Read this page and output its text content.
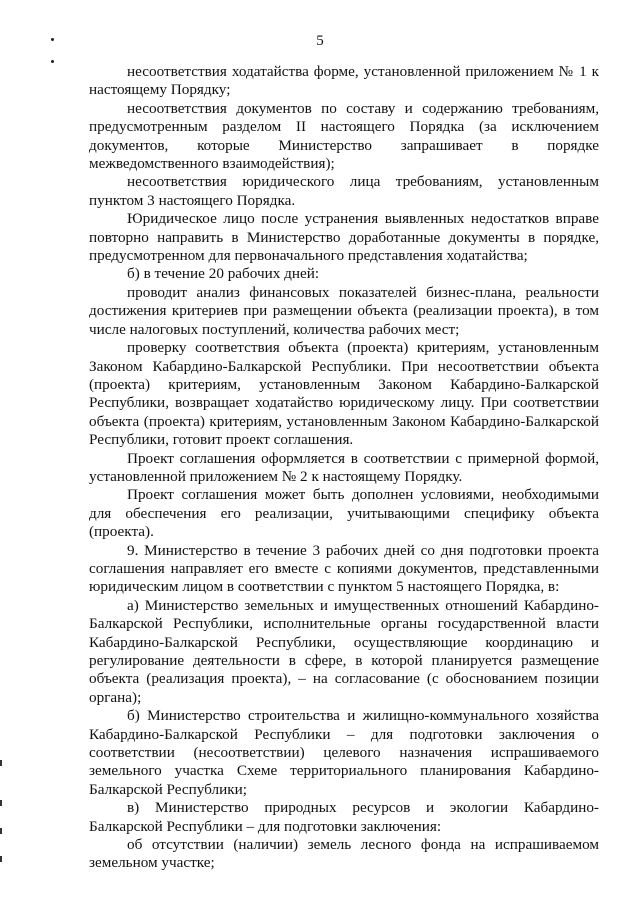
5

несоответствия ходатайства форме, установленной приложением № 1 к настоящему Порядку;

несоответствия документов по составу и содержанию требованиям, предусмотренным разделом II настоящего Порядка (за исключением документов, которые Министерство запрашивает в порядке межведомственного взаимодействия);

несоответствия юридического лица требованиям, установленным пунктом 3 настоящего Порядка.

Юридическое лицо после устранения выявленных недостатков вправе повторно направить в Министерство доработанные документы в порядке, предусмотренном для первоначального представления ходатайства;

б) в течение 20 рабочих дней:

проводит анализ финансовых показателей бизнес-плана, реальности достижения критериев при размещении объекта (реализации проекта), в том числе налоговых поступлений, количества рабочих мест;

проверку соответствия объекта (проекта) критериям, установленным Законом Кабардино-Балкарской Республики. При несоответствии объекта (проекта) критериям, установленным Законом Кабардино-Балкарской Республики, возвращает ходатайство юридическому лицу. При соответствии объекта (проекта) критериям, установленным Законом Кабардино-Балкарской Республики, готовит проект соглашения.

Проект соглашения оформляется в соответствии с примерной формой, установленной приложением № 2 к настоящему Порядку.

Проект соглашения может быть дополнен условиями, необходимыми для обеспечения его реализации, учитывающими специфику объекта (проекта).

9. Министерство в течение 3 рабочих дней со дня подготовки проекта соглашения направляет его вместе с копиями документов, представленными юридическим лицом в соответствии с пунктом 5 настоящего Порядка, в:

а) Министерство земельных и имущественных отношений Кабардино-Балкарской Республики, исполнительные органы государственной власти Кабардино-Балкарской Республики, осуществляющие координацию и регулирование деятельности в сфере, в которой планируется размещение объекта (реализация проекта), – на согласование (с обоснованием позиции органа);

б) Министерство строительства и жилищно-коммунального хозяйства Кабардино-Балкарской Республики – для подготовки заключения о соответствии (несоответствии) целевого назначения испрашиваемого земельного участка Схеме территориального планирования Кабардино-Балкарской Республики;

в) Министерство природных ресурсов и экологии Кабардино-Балкарской Республики – для подготовки заключения:

об отсутствии (наличии) земель лесного фонда на испрашиваемом земельном участке;
